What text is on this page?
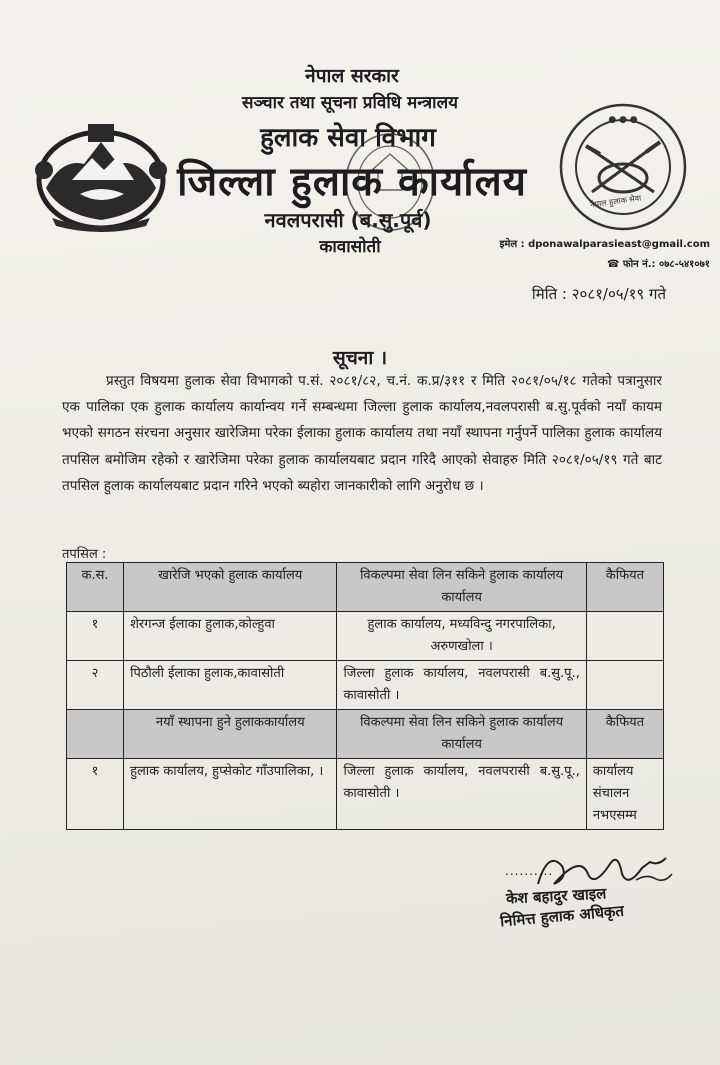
● ● ●
नेपाल हुलाक सेवा
नेपाल सरकार
सञ्चार तथा सूचना प्रविधि मन्त्रालय
हुलाक सेवा विभाग
जिल्ला हुलाक कार्यालय
नवलपरासी (ब.सु.पूर्व)
कावासोती	इमेल : dponawalparasieast@gmail.com
☎ फोन नं.: ०७८-५४१०७१
मिति : २०८१/०५/१९ गते
सूचना ।
प्रस्तुत विषयमा हुलाक सेवा विभागको प.सं. २०८१/८२, च.नं. क.प्र/३११ र मिति २०८१/०५/१८ गतेको पत्रानुसार एक पालिका एक हुलाक कार्यालय कार्यान्वय गर्ने सम्बन्धमा जिल्ला हुलाक कार्यालय,नवलपरासी ब.सु.पूर्वको नयाँ कायम भएको सगठन संरचना अनुसार खारेजिमा परेका ईलाका हुलाक कार्यालय तथा नयाँ स्थापना गर्नुपर्ने पालिका हुलाक कार्यालय तपसिल बमोजिम रहेको र खारेजिमा परेका हुलाक कार्यालयबाट प्रदान गरिदै आएको सेवाहरु मिति २०८१/०५/१९ गते बाट तपसिल हुलाक कार्यालयबाट प्रदान गरिने भएको ब्यहोरा जानकारीको लागि अनुरोध छ ।
तपसिल :
क.स.	खारेजि भएको हुलाक कार्यालय	विकल्पमा सेवा लिन सकिने हुलाक कार्यालय कार्यालय	कैफियत
१	शेरगन्ज ईलाका हुलाक,कोल्हुवा	हुलाक कार्यालय, मध्यविन्दु नगरपालिका, अरुणखोला ।	
२	पिठौली ईलाका हुलाक,कावासोती	जिल्ला हुलाक कार्यालय, नवलपरासी ब.सु.पू., कावासोती ।	
	नयाँ स्थापना हुने हुलाककार्यालय	विकल्पमा सेवा लिन सकिने हुलाक कार्यालय कार्यालय	कैफियत
१	हुलाक कार्यालय, हुप्सेकोट गाँउपालिका, ।	जिल्ला हुलाक कार्यालय, नवलपरासी ब.सु.पू., कावासोती ।	कार्यालय संचालन नभएसम्म
..........
केश बहादुर खाइल
निमित्त हुलाक अधिकृत
